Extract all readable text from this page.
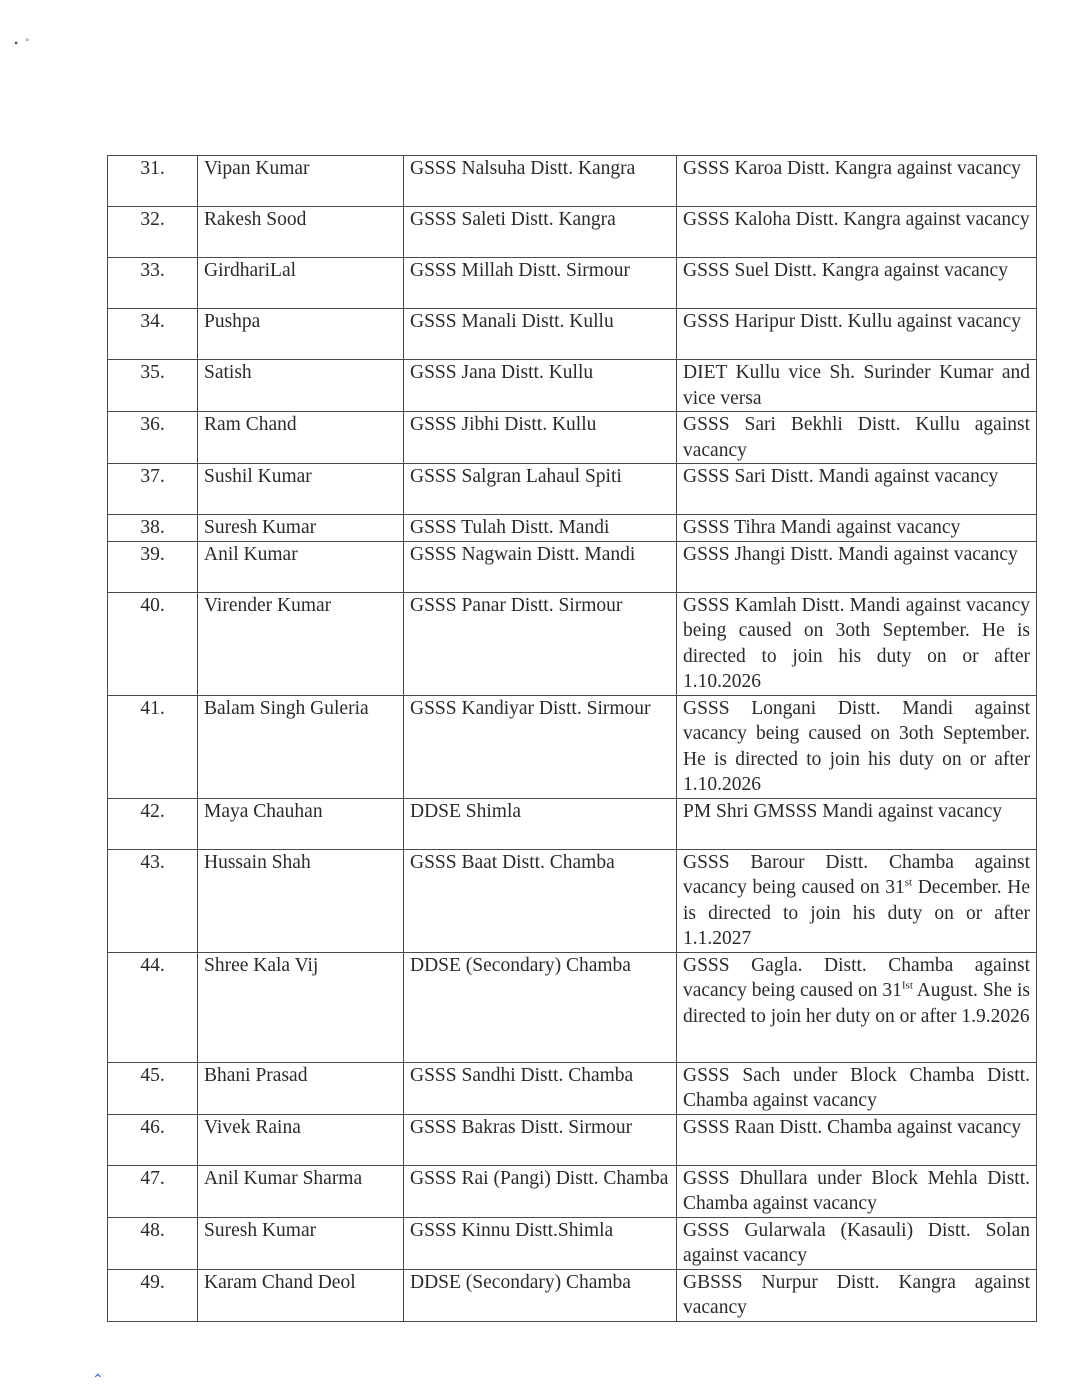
• ˚
31.	Vipan Kumar	GSSS Nalsuha Distt. Kangra	GSSS Karoa Distt. Kangra against vacancy
32.	Rakesh Sood	GSSS Saleti Distt. Kangra	GSSS Kaloha Distt. Kangra against vacancy
33.	GirdhariLal	GSSS Millah Distt. Sirmour	GSSS Suel Distt. Kangra against vacancy
34.	Pushpa	GSSS Manali Distt. Kullu	GSSS Haripur Distt. Kullu against vacancy
35.	Satish	GSSS Jana Distt. Kullu	DIET Kullu vice Sh. Surinder Kumar and vice versa
36.	Ram Chand	GSSS Jibhi Distt. Kullu	GSSS Sari Bekhli Distt. Kullu against vacancy
37.	Sushil Kumar	GSSS Salgran Lahaul Spiti	GSSS Sari Distt. Mandi against vacancy
38.	Suresh Kumar	GSSS Tulah Distt. Mandi	GSSS Tihra Mandi against vacancy
39.	Anil Kumar	GSSS Nagwain Distt. Mandi	GSSS Jhangi Distt. Mandi against vacancy
40.	Virender Kumar	GSSS Panar Distt. Sirmour	GSSS Kamlah Distt. Mandi against vacancy being caused on 3oth September. He is directed to join his duty on or after 1.10.2026
41.	Balam Singh Guleria	GSSS Kandiyar Distt. Sirmour	GSSS Longani Distt. Mandi against vacancy being caused on 3oth September. He is directed to join his duty on or after 1.10.2026
42.	Maya Chauhan	DDSE Shimla	PM Shri GMSSS Mandi against vacancy
43.	Hussain Shah	GSSS Baat Distt. Chamba	GSSS Barour Distt. Chamba against vacancy being caused on 31st December. He is directed to join his duty on or after 1.1.2027
44.	Shree Kala Vij	DDSE (Secondary) Chamba	GSSS Gagla. Distt. Chamba against vacancy being caused on $31^{Ist}$ August. She is directed to join her duty on or after 1.9.2026
45.	Bhani Prasad	GSSS Sandhi Distt. Chamba	GSSS Sach under Block Chamba Distt. Chamba against vacancy
46.	Vivek Raina	GSSS Bakras Distt. Sirmour	GSSS Raan Distt. Chamba against vacancy
47.	Anil Kumar Sharma	GSSS Rai (Pangi) Distt. Chamba	GSSS Dhullara under Block Mehla Distt. Chamba against vacancy
48.	Suresh Kumar	GSSS Kinnu Distt.Shimla	GSSS Gularwala (Kasauli) Distt. Solan against vacancy
49.	Karam Chand Deol	DDSE (Secondary) Chamba	GBSSS Nurpur Distt. Kangra against vacancy
⌃
